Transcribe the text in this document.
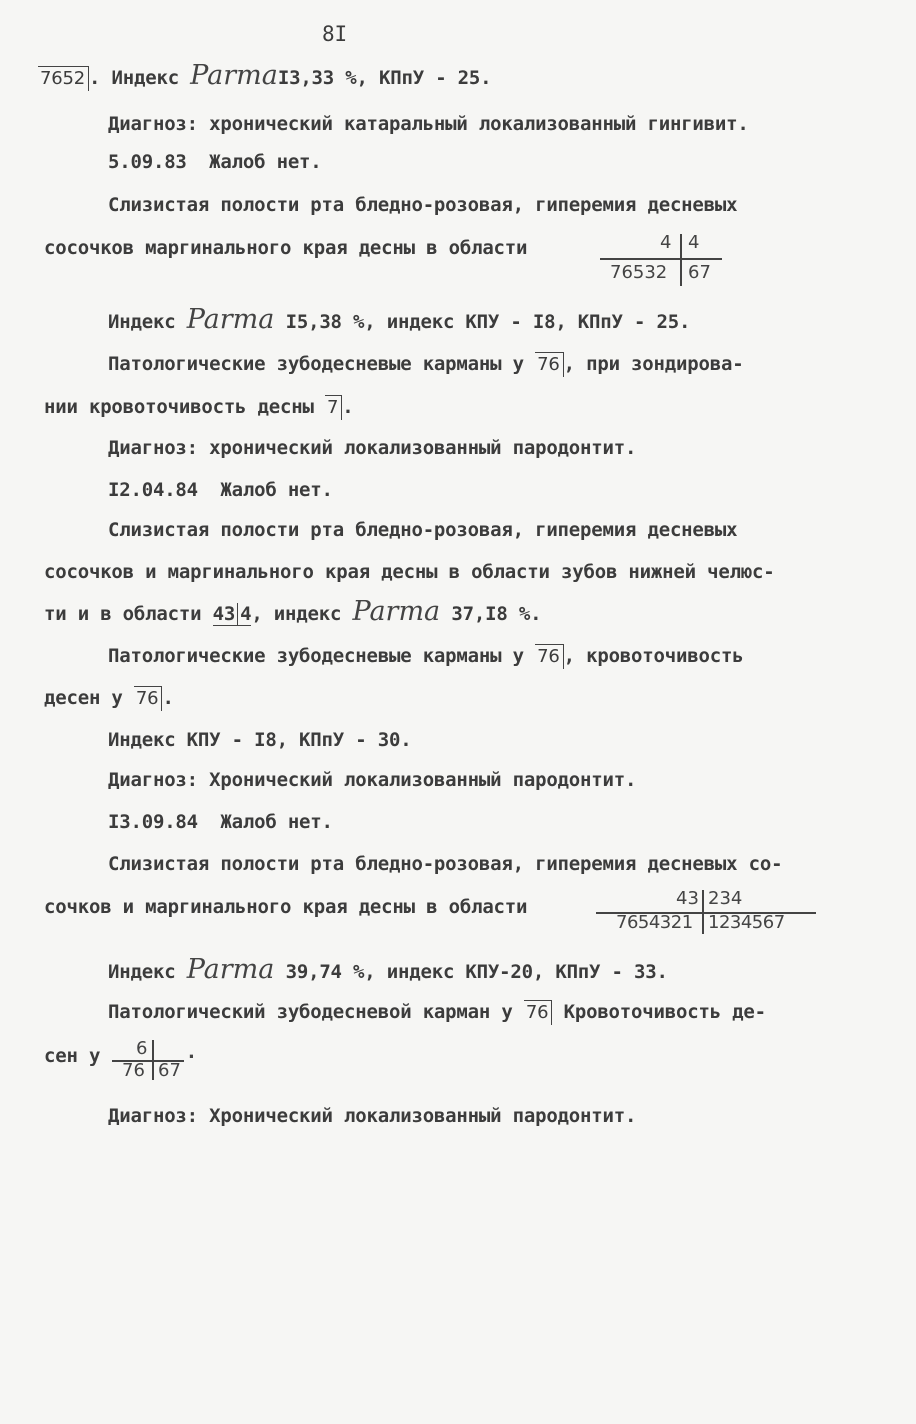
8I
7652 . Индекс ParmaI3,33 %, КПпУ - 25.
Диагноз: хронический катаральный локализованный гингивит.
5.09.83  Жалоб нет.
Слизистая полости рта бледно-розовая, гиперемия десневых
сосочков маргинального края десны в области	4 4
76532 67
Индекс Parma I5,38 %, индекс КПУ - I8, КПпУ - 25.
Патологические зубодесневые карманы у 76 , при зондирова-
нии кровоточивость десны 7 .
Диагноз: хронический локализованный пародонтит.
I2.04.84  Жалоб нет.
Слизистая полости рта бледно-розовая, гиперемия десневых
сосочков и маргинального края десны в области зубов нижней челюс-
ти и в области 43 4, индекс Parma 37,I8 %.
Патологические зубодесневые карманы у 76 , кровоточивость
десен у 76 .
Индекс КПУ - I8, КПпУ - 30.
Диагноз: Хронический локализованный пародонтит.
I3.09.84  Жалоб нет.
Слизистая полости рта бледно-розовая, гиперемия десневых со-
сочков и маргинального края десны в области	43 234
7654321 1234567
Индекс Parma 39,74 %, индекс КПУ-20, КПпУ - 33.
Патологический зубодесневой карман у 76 Кровоточивость де-
сен у 6
76 67
.
Диагноз: Хронический локализованный пародонтит.
